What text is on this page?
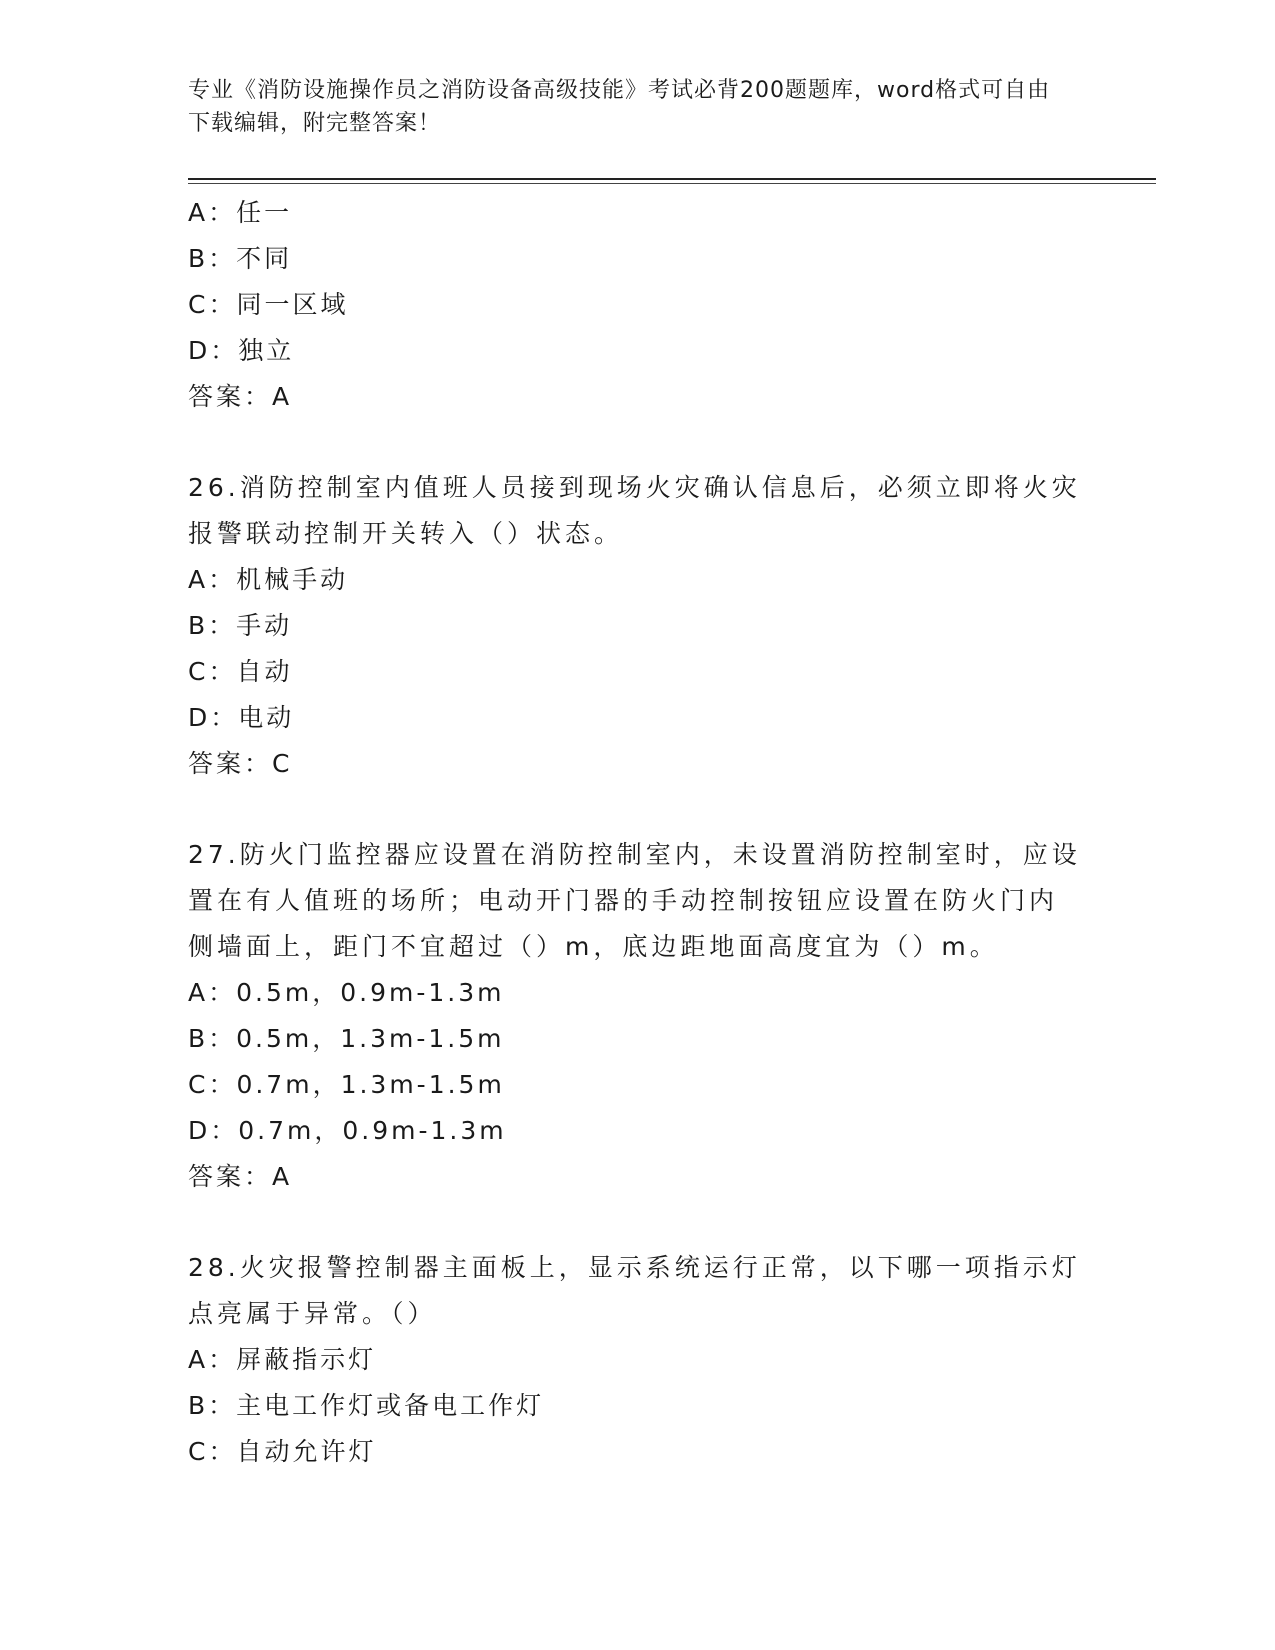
专业《消防设施操作员之消防设备高级技能》考试必背200题题库，word格式可自由下载编辑，附完整答案！

A：任一
B：不同
C：同一区域
D：独立
答案：A
26.消防控制室内值班人员接到现场火灾确认信息后，必须立即将火灾
报警联动控制开关转入（）状态。
A：机械手动
B：手动
C：自动
D：电动
答案：C
27.防火门监控器应设置在消防控制室内，未设置消防控制室时，应设
置在有人值班的场所；电动开门器的手动控制按钮应设置在防火门内
侧墙面上，距门不宜超过（）m，底边距地面高度宜为（）m。
A：0.5m，0.9m-1.3m
B：0.5m，1.3m-1.5m
C：0.7m，1.3m-1.5m
D：0.7m，0.9m-1.3m
答案：A
28.火灾报警控制器主面板上，显示系统运行正常，以下哪一项指示灯
点亮属于异常。（）
A：屏蔽指示灯
B：主电工作灯或备电工作灯
C：自动允许灯
